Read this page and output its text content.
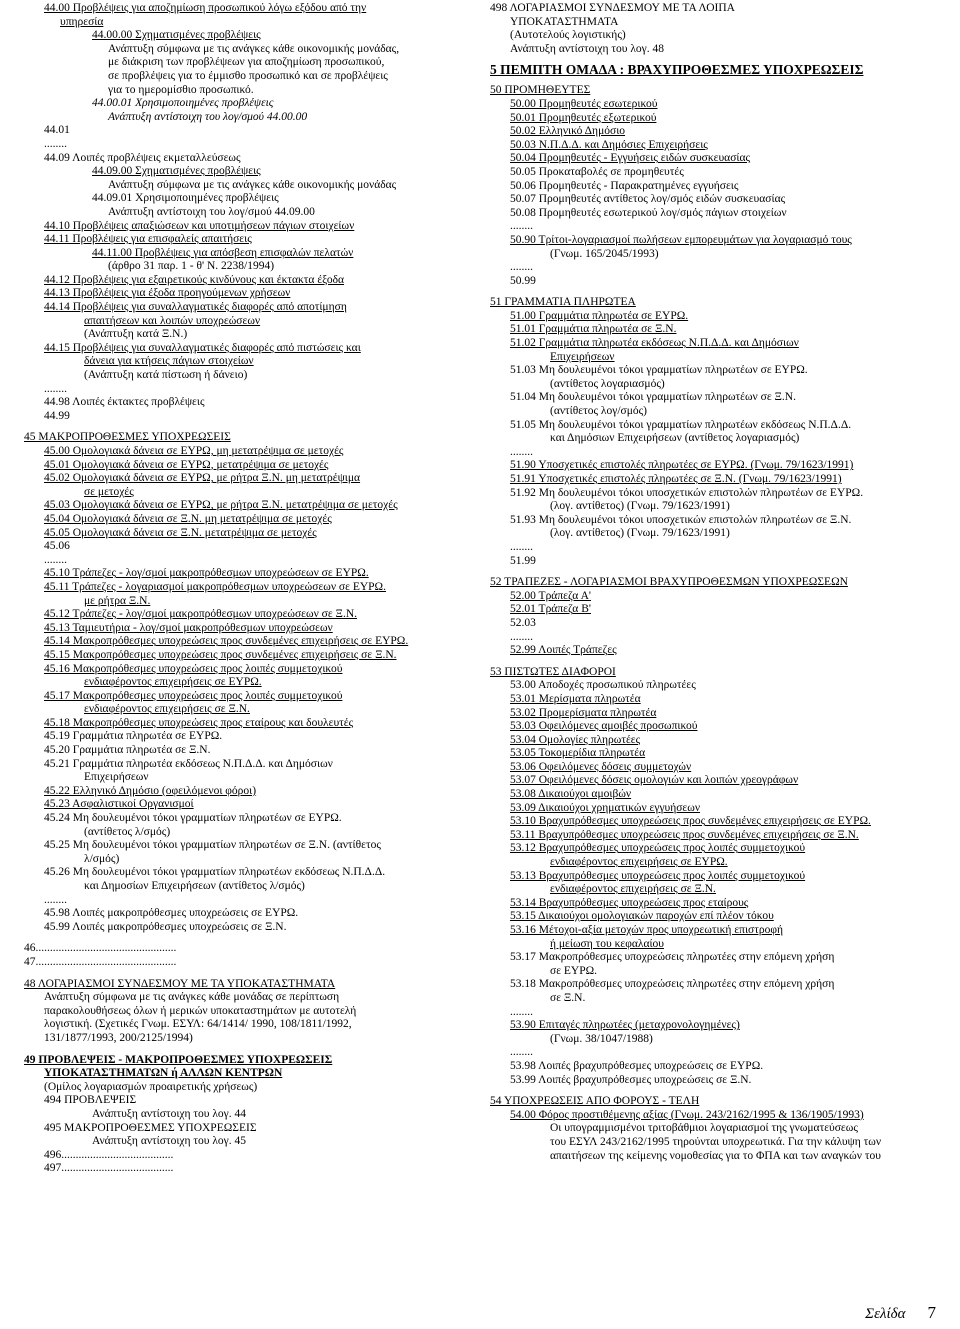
44.00 Προβλέψεις για αποζημίωση προσωπικού λόγω εξόδου από την
υπηρεσία
44.00.00 Σχηματισμένες προβλέψεις
Ανάπτυξη σύμφωνα με τις ανάγκες κάθε οικονομικής μονάδας,
με διάκριση των προβλέψεων για αποζημίωση προσωπικού,
σε προβλέψεις για το έμμισθο προσωπικό και σε προβλέψεις
για το ημερομίσθιο προσωπικό.
44.00.01 Χρησιμοποιημένες προβλέψεις
Ανάπτυξη αντίστοιχη του λογ/σμού 44.00.00
44.01
........
44.09 Λοιπές προβλέψεις εκμεταλλεύσεως
44.09.00 Σχηματισμένες προβλέψεις
Ανάπτυξη σύμφωνα με τις ανάγκες κάθε οικονομικής μονάδας
44.09.01 Χρησιμοποιημένες προβλέψεις
Ανάπτυξη αντίστοιχη του λογ/σμού 44.09.00
44.10 Προβλέψεις απαξιώσεων και υποτιμήσεων πάγιων στοιχείων
44.11 Προβλέψεις για επισφαλείς απαιτήσεις
44.11.00 Προβλέψεις για απόσβεση επισφαλών πελατών
(άρθρο 31 παρ. 1 - θ' Ν. 2238/1994)
44.12 Προβλέψεις για εξαιρετικούς κινδύνους και έκτακτα έξοδα
44.13 Προβλέψεις για έξοδα προηγούμενων χρήσεων
44.14 Προβλέψεις για συναλλαγματικές διαφορές από αποτίμηση
απαιτήσεων και λοιπών υποχρεώσεων
(Ανάπτυξη κατά Ξ.Ν.)
44.15 Προβλέψεις για συναλλαγματικές διαφορές από πιστώσεις και
δάνεια για κτήσεις πάγιων στοιχείων
(Ανάπτυξη κατά πίστωση ή δάνειο)
........
44.98 Λοιπές έκτακτες προβλέψεις
44.99
45 ΜΑΚΡΟΠΡΟΘΕΣΜΕΣ ΥΠΟΧΡΕΩΣΕΙΣ
45.00 Ομολογιακά δάνεια σε ΕΥΡΩ, μη μετατρέψιμα σε μετοχές
45.01 Ομολογιακά δάνεια σε ΕΥΡΩ, μετατρέψιμα σε μετοχές
45.02 Ομολογιακά δάνεια σε ΕΥΡΩ, με ρήτρα Ξ.Ν. μη μετατρέψιμα
σε μετοχές
45.03 Ομολογιακά δάνεια σε ΕΥΡΩ, με ρήτρα Ξ.Ν. μετατρέψιμα σε μετοχές
45.04 Ομολογιακά δάνεια σε Ξ.Ν. μη μετατρέψιμα σε μετοχές
45.05 Ομολογιακά δάνεια σε Ξ.Ν. μετατρέψιμα σε μετοχές
45.06
........
45.10 Τράπεζες - λογ/σμοί μακροπρόθεσμων υποχρεώσεων σε ΕΥΡΩ.
45.11 Τράπεζες - λογαριασμοί μακροπρόθεσμων υποχρεώσεων σε ΕΥΡΩ.
με ρήτρα Ξ.Ν.
45.12 Τράπεζες - λογ/σμοί μακροπρόθεσμων υποχρεώσεων σε Ξ.Ν.
45.13 Ταμιευτήρια - λογ/σμοί μακροπρόθεσμων υποχρεώσεων
45.14 Μακροπρόθεσμες υποχρεώσεις προς συνδεμένες επιχειρήσεις σε ΕΥΡΩ.
45.15 Μακροπρόθεσμες υποχρεώσεις προς συνδεμένες επιχειρήσεις σε Ξ.Ν.
45.16 Μακροπρόθεσμες υποχρεώσεις προς λοιπές συμμετοχικού
ενδιαφέροντος επιχειρήσεις σε ΕΥΡΩ.
45.17 Μακροπρόθεσμες υποχρεώσεις προς λοιπές συμμετοχικού
ενδιαφέροντος επιχειρήσεις σε Ξ.Ν.
45.18 Μακροπρόθεσμες υποχρεώσεις προς εταίρους και δουλευτές
45.19 Γραμμάτια πληρωτέα σε ΕΥΡΩ.
45.20 Γραμμάτια πληρωτέα σε Ξ.Ν.
45.21 Γραμμάτια πληρωτέα εκδόσεως Ν.Π.Δ.Δ. και Δημόσιων
Επιχειρήσεων
45.22 Ελληνικό Δημόσιο (οφειλόμενοι φόροι)
45.23 Ασφαλιστικοί Οργανισμοί
45.24 Μη δουλευμένοι τόκοι γραμματίων πληρωτέων σε ΕΥΡΩ.
(αντίθετος λ/σμός)
45.25 Μη δουλευμένοι τόκοι γραμματίων πληρωτέων σε Ξ.Ν. (αντίθετος
λ/σμός)
45.26 Μη δουλευμένοι τόκοι γραμματίων πληρωτέων εκδόσεως Ν.Π.Δ.Δ.
και Δημοσίων Επιχειρήσεων (αντίθετος λ/σμός)
........
45.98 Λοιπές μακροπρόθεσμες υποχρεώσεις σε ΕΥΡΩ.
45.99 Λοιπές μακροπρόθεσμες υποχρεώσεις σε Ξ.Ν.
46.................................................
47.................................................
48 ΛΟΓΑΡΙΑΣΜΟΙ ΣΥΝΔΕΣΜΟΥ ΜΕ ΤΑ ΥΠΟΚΑΤΑΣΤΗΜΑΤΑ
Ανάπτυξη σύμφωνα με τις ανάγκες κάθε μονάδας σε περίπτωση
παρακολουθήσεως όλων ή μερικών υποκαταστημάτων με αυτοτελή
λογιστική. (Σχετικές Γνωμ. ΕΣΥΛ: 64/1414/ 1990, 108/1811/1992,
131/1877/1993, 200/2125/1994)
49 ΠΡΟΒΛΕΨΕΙΣ - ΜΑΚΡΟΠΡΟΘΕΣΜΕΣ ΥΠΟΧΡΕΩΣΕΙΣ
ΥΠΟΚΑΤΑΣΤΗΜΑΤΩΝ ή ΑΛΛΩΝ ΚΕΝΤΡΩΝ
(Ομίλος λογαριασμών προαιρετικής χρήσεως)
494 ΠΡΟΒΛΕΨΕΙΣ
Ανάπτυξη αντίστοιχη του λογ. 44
495 ΜΑΚΡΟΠΡΟΘΕΣΜΕΣ ΥΠΟΧΡΕΩΣΕΙΣ
Ανάπτυξη αντίστοιχη του λογ. 45
496.......................................
497.......................................
498 ΛΟΓΑΡΙΑΣΜΟΙ ΣΥΝΔΕΣΜΟΥ ΜΕ ΤΑ ΛΟΙΠΑ
ΥΠΟΚΑΤΑΣΤΗΜΑΤΑ
(Αυτοτελούς λογιστικής)
Ανάπτυξη αντίστοιχη του λογ. 48
5 ΠΕΜΠΤΗ ΟΜΑΔΑ : ΒΡΑΧΥΠΡΟΘΕΣΜΕΣ ΥΠΟΧΡΕΩΣΕΙΣ
50 ΠΡΟΜΗΘΕΥΤΕΣ
50.00 Προμηθευτές εσωτερικού
50.01 Προμηθευτές εξωτερικού
50.02 Ελληνικό Δημόσιο
50.03 Ν.Π.Δ.Δ. και Δημόσιες Επιχειρήσεις
50.04 Προμηθευτές - Εγγυήσεις ειδών συσκευασίας
50.05 Προκαταβολές σε προμηθευτές
50.06 Προμηθευτές - Παρακρατημένες εγγυήσεις
50.07 Προμηθευτές αντίθετος λογ/σμός ειδών συσκευασίας
50.08 Προμηθευτές εσωτερικού λογ/σμός πάγιων στοιχείων
........
50.90 Τρίτοι-λογαριασμοί πωλήσεων εμπορευμάτων για λογαριασμό τους
(Γνωμ. 165/2045/1993)
........
50.99
51 ΓΡΑΜΜΑΤΙΑ ΠΛΗΡΩΤΕΑ
51.00 Γραμμάτια πληρωτέα σε ΕΥΡΩ.
51.01 Γραμμάτια πληρωτέα σε Ξ.Ν.
51.02 Γραμμάτια πληρωτέα εκδόσεως Ν.Π.Δ.Δ. και Δημόσιων
Επιχειρήσεων
51.03 Μη δουλευμένοι τόκοι γραμματίων πληρωτέων σε ΕΥΡΩ.
(αντίθετος λογαριασμός)
51.04 Μη δουλευμένοι τόκοι γραμματίων πληρωτέων σε Ξ.Ν.
(αντίθετος λογ/σμός)
51.05 Μη δουλευμένοι τόκοι γραμματίων πληρωτέων εκδόσεως Ν.Π.Δ.Δ.
και Δημόσιων Επιχειρήσεων (αντίθετος λογαριασμός)
........
51.90 Υποσχετικές επιστολές πληρωτέες σε ΕΥΡΩ. (Γνωμ. 79/1623/1991)
51.91 Υποσχετικές επιστολές πληρωτέες σε Ξ.Ν. (Γνωμ. 79/1623/1991)
51.92 Μη δουλευμένοι τόκοι υποσχετικών επιστολών πληρωτέων σε ΕΥΡΩ.
(λογ. αντίθετος) (Γνωμ. 79/1623/1991)
51.93 Μη δουλευμένοι τόκοι υποσχετικών επιστολών πληρωτέων σε Ξ.Ν.
(λογ. αντίθετος) (Γνωμ. 79/1623/1991)
........
51.99
52 ΤΡΑΠΕΖΕΣ - ΛΟΓΑΡΙΑΣΜΟΙ ΒΡΑΧΥΠΡΟΘΕΣΜΩΝ ΥΠΟΧΡΕΩΣΕΩΝ
52.00 Τράπεζα Α'
52.01 Τράπεζα Β'
52.03
........
52.99 Λοιπές Τράπεζες
53 ΠΙΣΤΩΤΕΣ ΔΙΑΦΟΡΟΙ
53.00 Αποδοχές προσωπικού πληρωτέες
53.01 Μερίσματα πληρωτέα
53.02 Προμερίσματα πληρωτέα
53.03 Οφειλόμενες αμοιβές προσωπικού
53.04 Ομολογίες πληρωτέες
53.05 Τοκομερίδια πληρωτέα
53.06 Οφειλόμενες δόσεις συμμετοχών
53.07 Οφειλόμενες δόσεις ομολογιών και λοιπών χρεογράφων
53.08 Δικαιούχοι αμοιβών
53.09 Δικαιούχοι χρηματικών εγγυήσεων
53.10 Βραχυπρόθεσμες υποχρεώσεις προς συνδεμένες επιχειρήσεις σε ΕΥΡΩ.
53.11 Βραχυπρόθεσμες υποχρεώσεις προς συνδεμένες επιχειρήσεις σε Ξ.Ν.
53.12 Βραχυπρόθεσμες υποχρεώσεις προς λοιπές συμμετοχικού
ενδιαφέροντος επιχειρήσεις σε ΕΥΡΩ.
53.13 Βραχυπρόθεσμες υποχρεώσεις προς λοιπές συμμετοχικού
ενδιαφέροντος επιχειρήσεις σε Ξ.Ν.
53.14 Βραχυπρόθεσμες υποχρεώσεις προς εταίρους
53.15 Δικαιούχοι ομολογιακών παροχών επί πλέον τόκου
53.16 Μέτοχοι-αξία μετοχών προς υποχρεωτική επιστροφή
ή μείωση του κεφαλαίου
53.17 Μακροπρόθεσμες υποχρεώσεις πληρωτέες στην επόμενη χρήση
σε ΕΥΡΩ.
53.18 Μακροπρόθεσμες υποχρεώσεις πληρωτέες στην επόμενη χρήση
σε Ξ.Ν.
........
53.90 Επιταγές πληρωτέες (μεταχρονολογημένες)
(Γνωμ. 38/1047/1988)
........
53.98 Λοιπές βραχυπρόθεσμες υποχρεώσεις σε ΕΥΡΩ.
53.99 Λοιπές βραχυπρόθεσμες υποχρεώσεις σε Ξ.Ν.
54 ΥΠΟΧΡΕΩΣΕΙΣ ΑΠΟ ΦΟΡΟΥΣ - ΤΕΛΗ
54.00 Φόρος προστιθέμενης αξίας (Γνωμ. 243/2162/1995 & 136/1905/1993)
Οι υπογραμμισμένοι τριτοβάθμιοι λογαριασμοί της γνωματεύσεως
του ΕΣΥΛ 243/2162/1995 τηρούνται υποχρεωτικά. Για την κάλυψη των
απαιτήσεων της κείμενης νομοθεσίας για το ΦΠΑ και των αναγκών του
Σελίδα 7
